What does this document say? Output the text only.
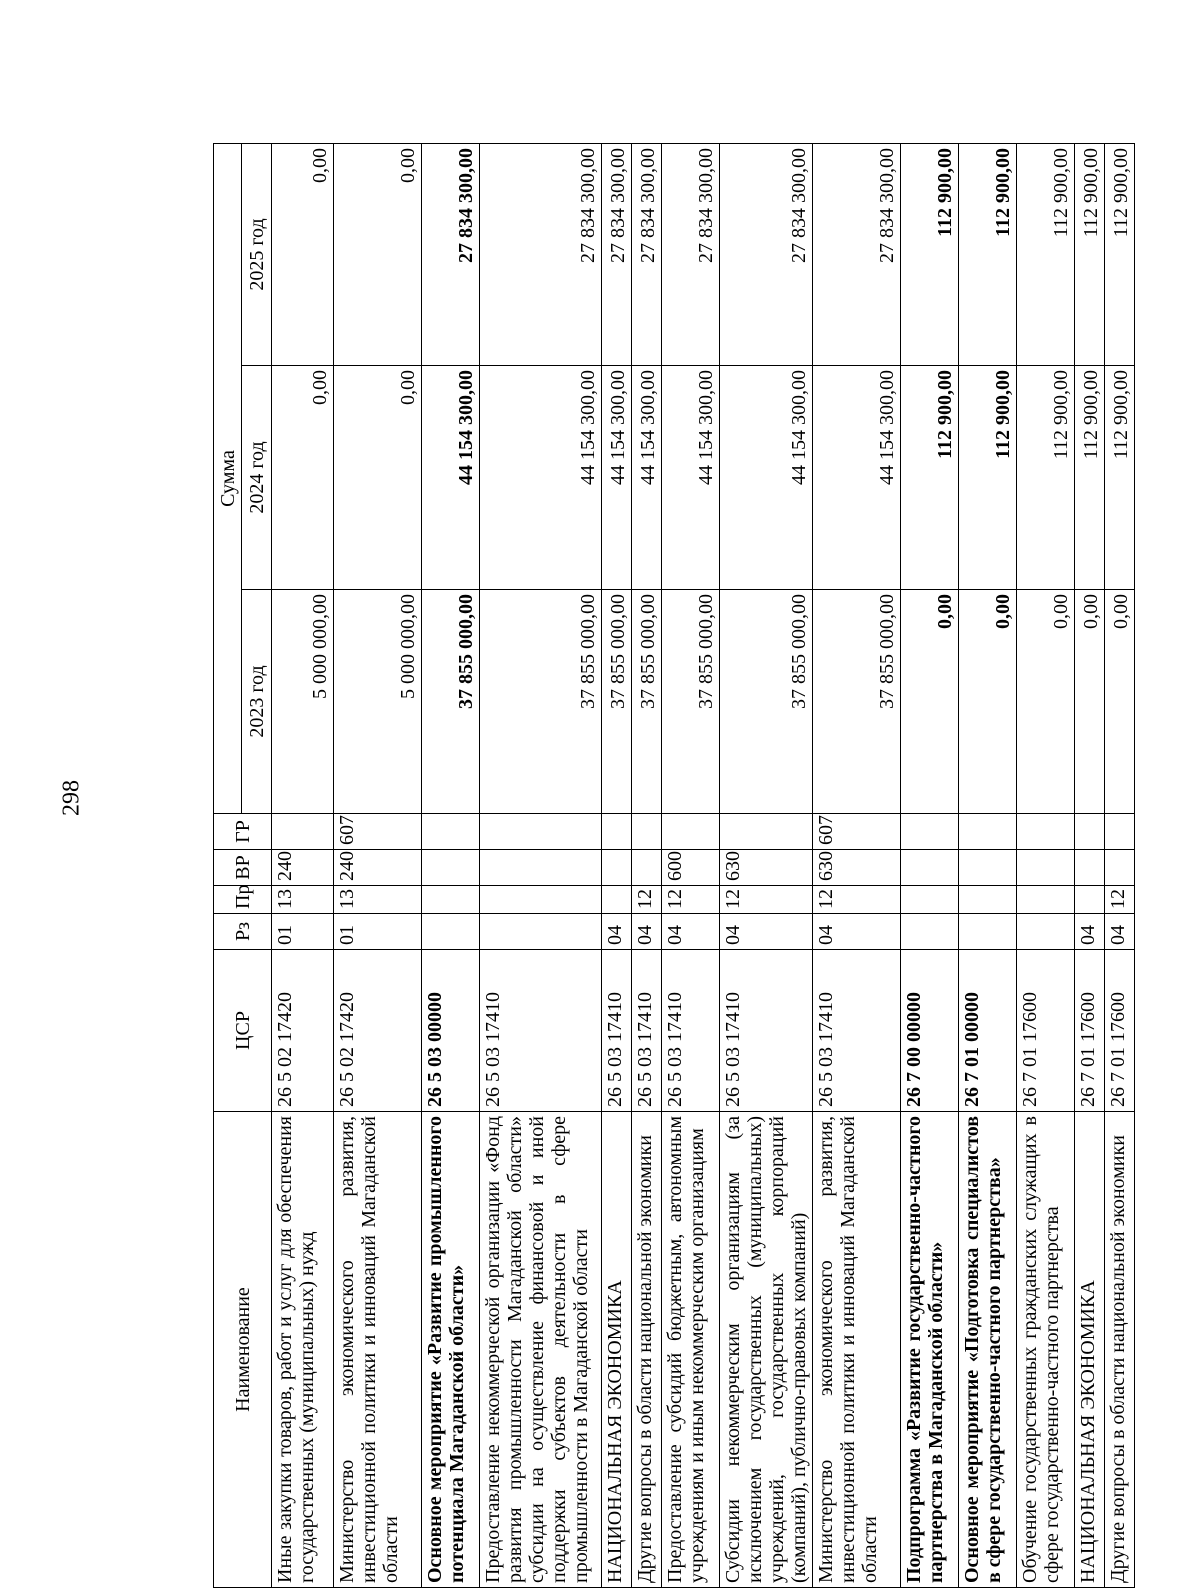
298
Наименование	ЦСР	Рз	Пр	ВР	ГР	Сумма		
						2023 год	2024 год	2025 год
Иные закупки товаров, работ и услуг для обеспечения государственных (муниципальных) нужд	26 5 02 17420	01	13	240		5 000 000,00	0,00	0,00
Министерство экономического развития, инвестиционной политики и инноваций Магаданской области	26 5 02 17420	01	13	240	607	5 000 000,00	0,00	0,00
Основное мероприятие «Развитие промышленного потенциала Магаданской области»	26 5 03 00000					37 855 000,00	44 154 300,00	27 834 300,00
Предоставление некоммерческой организации «Фонд развития промышленности Магаданской области» субсидии на осуществление финансовой и иной поддержки субъектов деятельности в сфере промышленности в Магаданской области	26 5 03 17410					37 855 000,00	44 154 300,00	27 834 300,00
НАЦИОНАЛЬНАЯ ЭКОНОМИКА	26 5 03 17410	04				37 855 000,00	44 154 300,00	27 834 300,00
Другие вопросы в области национальной экономики	26 5 03 17410	04	12			37 855 000,00	44 154 300,00	27 834 300,00
Предоставление субсидий бюджетным, автономным учреждениям и иным некоммерческим организациям	26 5 03 17410	04	12	600		37 855 000,00	44 154 300,00	27 834 300,00
Субсидии некоммерческим организациям (за исключением государственных (муниципальных) учреждений, государственных корпораций (компаний), публично-правовых компаний)	26 5 03 17410	04	12	630		37 855 000,00	44 154 300,00	27 834 300,00
Министерство экономического развития, инвестиционной политики и инноваций Магаданской области	26 5 03 17410	04	12	630	607	37 855 000,00	44 154 300,00	27 834 300,00
Подпрограмма «Развитие государственно-частного партнерства в Магаданской области»	26 7 00 00000					0,00	112 900,00	112 900,00
Основное мероприятие «Подготовка специалистов в сфере государственно-частного партнерства»	26 7 01 00000					0,00	112 900,00	112 900,00
Обучение государственных гражданских служащих в сфере государственно-частного партнерства	26 7 01 17600					0,00	112 900,00	112 900,00
НАЦИОНАЛЬНАЯ ЭКОНОМИКА	26 7 01 17600	04				0,00	112 900,00	112 900,00
Другие вопросы в области национальной экономики	26 7 01 17600	04	12			0,00	112 900,00	112 900,00
